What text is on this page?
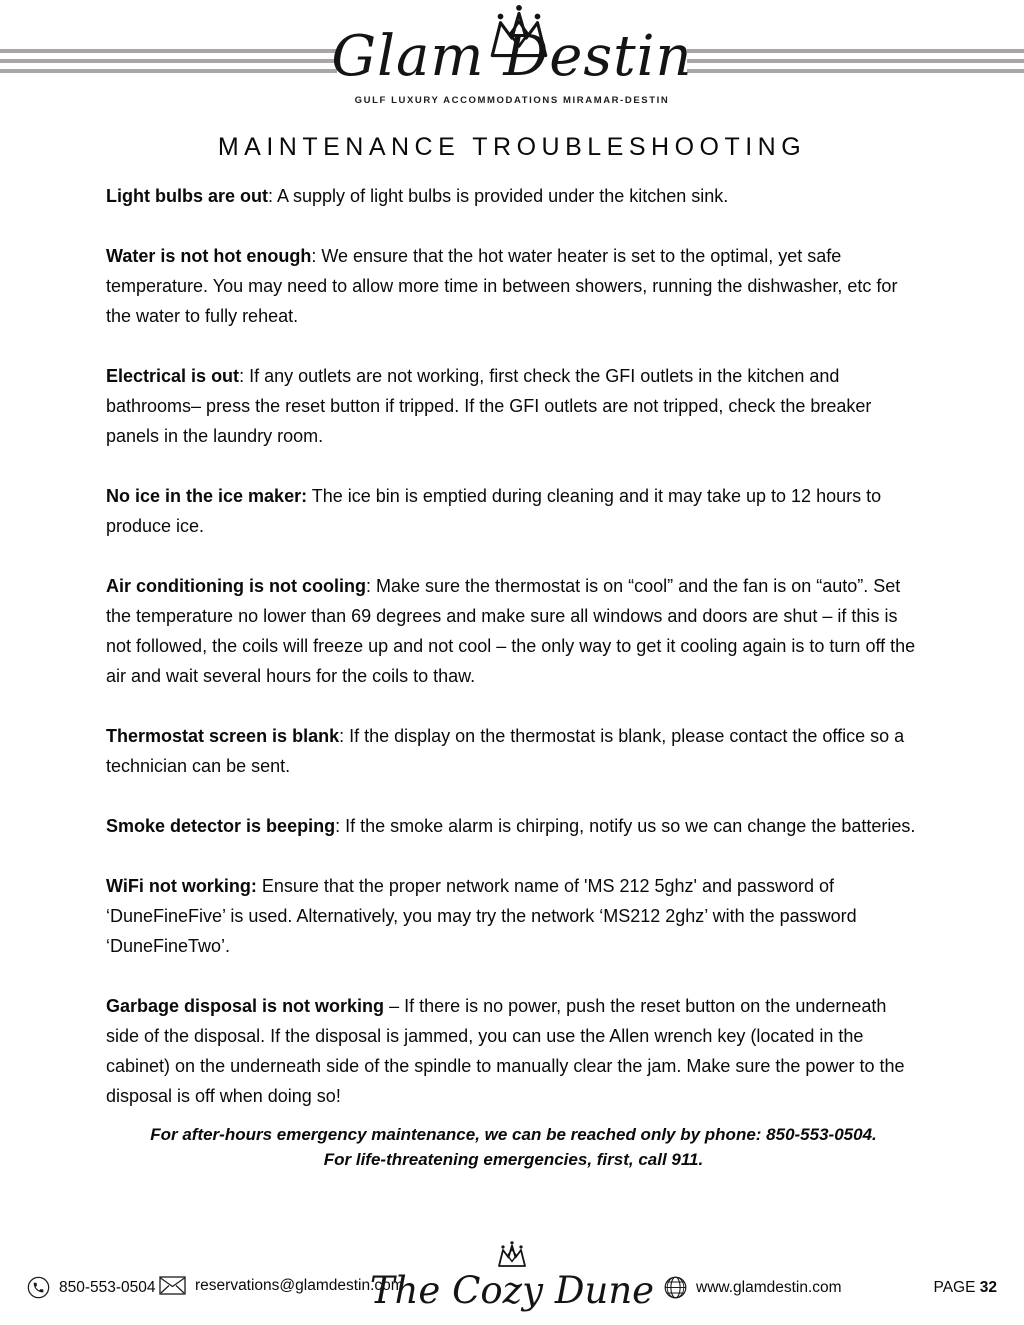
Glam Destin
GULF LUXURY ACCOMMODATIONS MIRAMAR-DESTIN
MAINTENANCE TROUBLESHOOTING

Light bulbs are out: A supply of light bulbs is provided under the kitchen sink.

Water is not hot enough: We ensure that the hot water heater is set to the optimal, yet safe temperature. You may need to allow more time in between showers, running the dishwasher, etc for the water to fully reheat.

Electrical is out: If any outlets are not working, first check the GFI outlets in the kitchen and bathrooms– press the reset button if tripped. If the GFI outlets are not tripped, check the breaker panels in the laundry room.

No ice in the ice maker: The ice bin is emptied during cleaning and it may take up to 12 hours to produce ice.

Air conditioning is not cooling: Make sure the thermostat is on “cool” and the fan is on “auto”. Set the temperature no lower than 69 degrees and make sure all windows and doors are shut – if this is not followed, the coils will freeze up and not cool – the only way to get it cooling again is to turn off the air and wait several hours for the coils to thaw.

Thermostat screen is blank: If the display on the thermostat is blank, please contact the office so a technician can be sent.

Smoke detector is beeping: If the smoke alarm is chirping, notify us so we can change the batteries.

WiFi not working: Ensure that the proper network name of 'MS 212 5ghz' and password of ‘DuneFineFive’ is used. Alternatively, you may try the network ‘MS212 2ghz’ with the password ‘DuneFineTwo’.

Garbage disposal is not working – If there is no power, push the reset button on the underneath side of the disposal. If the disposal is jammed, you can use the Allen wrench key (located in the cabinet) on the underneath side of the spindle to manually clear the jam. Make sure the power to the disposal is off when doing so!

For after-hours emergency maintenance, we can be reached only by phone: 850-553-0504.
For life-threatening emergencies, first, call 911.
850-553-0504	reservations@glamdestin.com
The Cozy Dune	www.glamdestin.com	PAGE 32
